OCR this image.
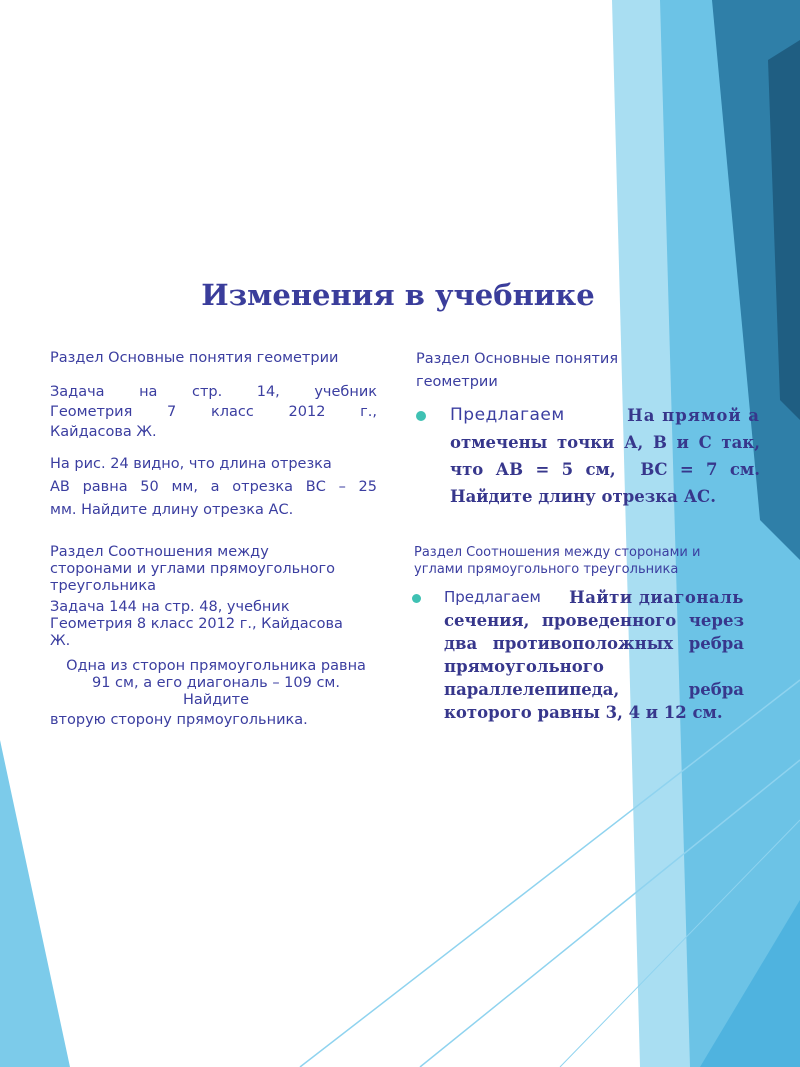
Изменения в учебнике
Раздел Основные понятия геометрии
Задача на стр. 14, учебник
Геометрия 7 класс 2012 г.,
Кайдасова Ж.
На рис. 24 видно, что длина отрезка
АВ равна 50 мм, а отрезка ВС – 25
мм. Найдите длину отрезка АС.
Раздел Соотношения между
сторонами и углами прямоугольного
треугольника
Задача 144 на стр. 48, учебник
Геометрия 8 класс 2012 г., Кайдасова
Ж.
Одна из сторон прямоугольника равна
91 см, а его диагональ – 109 см.
Найдите
вторую сторону прямоугольника.
Раздел Основные понятия
геометрии
Предлагаем	На прямой а
отмечены точки А, В и С так,
что АВ = 5 см,  ВС = 7 см.
Найдите длину отрезка АС.
Раздел Соотношения между сторонами и
углами прямоугольного треугольника
Предлагаем Найти диагональ
сечения, проведенного через
два противоположных ребра
прямоугольного
параллелепипеда,	ребра
которого равны 3, 4 и 12 см.
